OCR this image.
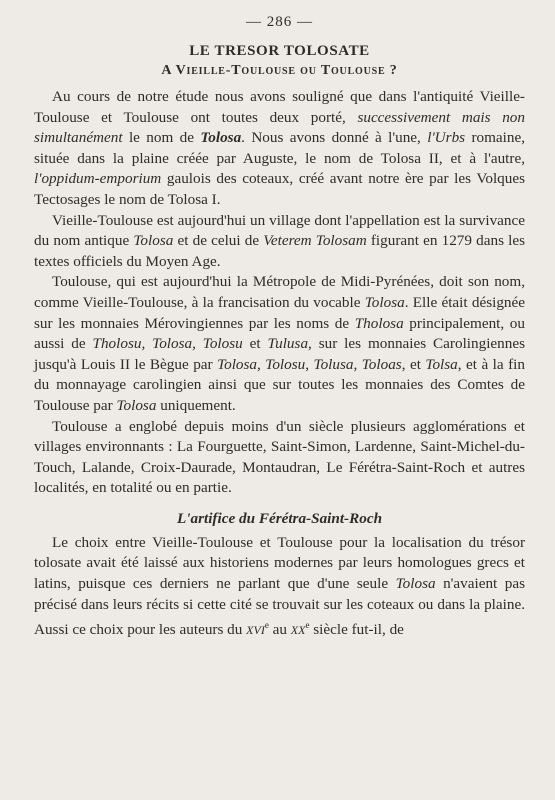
— 286 —
LE TRESOR TOLOSATE
A Vieille-Toulouse ou Toulouse ?

Au cours de notre étude nous avons souligné que dans l'antiquité Vieille-Toulouse et Toulouse ont toutes deux porté, successivement mais non simultanément le nom de Tolosa. Nous avons donné à l'une, l'Urbs romaine, située dans la plaine créée par Auguste, le nom de Tolosa II, et à l'autre, l'oppidum-emporium gaulois des coteaux, créé avant notre ère par les Volques Tectosages le nom de Tolosa I.

Vieille-Toulouse est aujourd'hui un village dont l'appellation est la survivance du nom antique Tolosa et de celui de Veterem Tolosam figurant en 1279 dans les textes officiels du Moyen Age.

Toulouse, qui est aujourd'hui la Métropole de Midi-Pyrénées, doit son nom, comme Vieille-Toulouse, à la francisation du vocable Tolosa. Elle était désignée sur les monnaies Mérovingiennes par les noms de Tholosa principalement, ou aussi de Tholosu, Tolosa, Tolosu et Tulusa, sur les monnaies Carolingiennes jusqu'à Louis II le Bègue par Tolosa, Tolosu, Tolusa, Toloas, et Tolsa, et à la fin du monnayage carolingien ainsi que sur toutes les monnaies des Comtes de Toulouse par Tolosa uniquement.

Toulouse a englobé depuis moins d'un siècle plusieurs agglomérations et villages environnants : La Fourguette, Saint-Simon, Lardenne, Saint-Michel-du-Touch, Lalande, Croix-Daurade, Montaudran, Le Férétra-Saint-Roch et autres localités, en totalité ou en partie.

L'artifice du Férétra-Saint-Roch

Le choix entre Vieille-Toulouse et Toulouse pour la localisation du trésor tolosate avait été laissé aux historiens modernes par leurs homologues grecs et latins, puisque ces derniers ne parlant que d'une seule Tolosa n'avaient pas précisé dans leurs récits si cette cité se trouvait sur les coteaux ou dans la plaine. Aussi ce choix pour les auteurs du XVIe au XXe siècle fut-il, de
